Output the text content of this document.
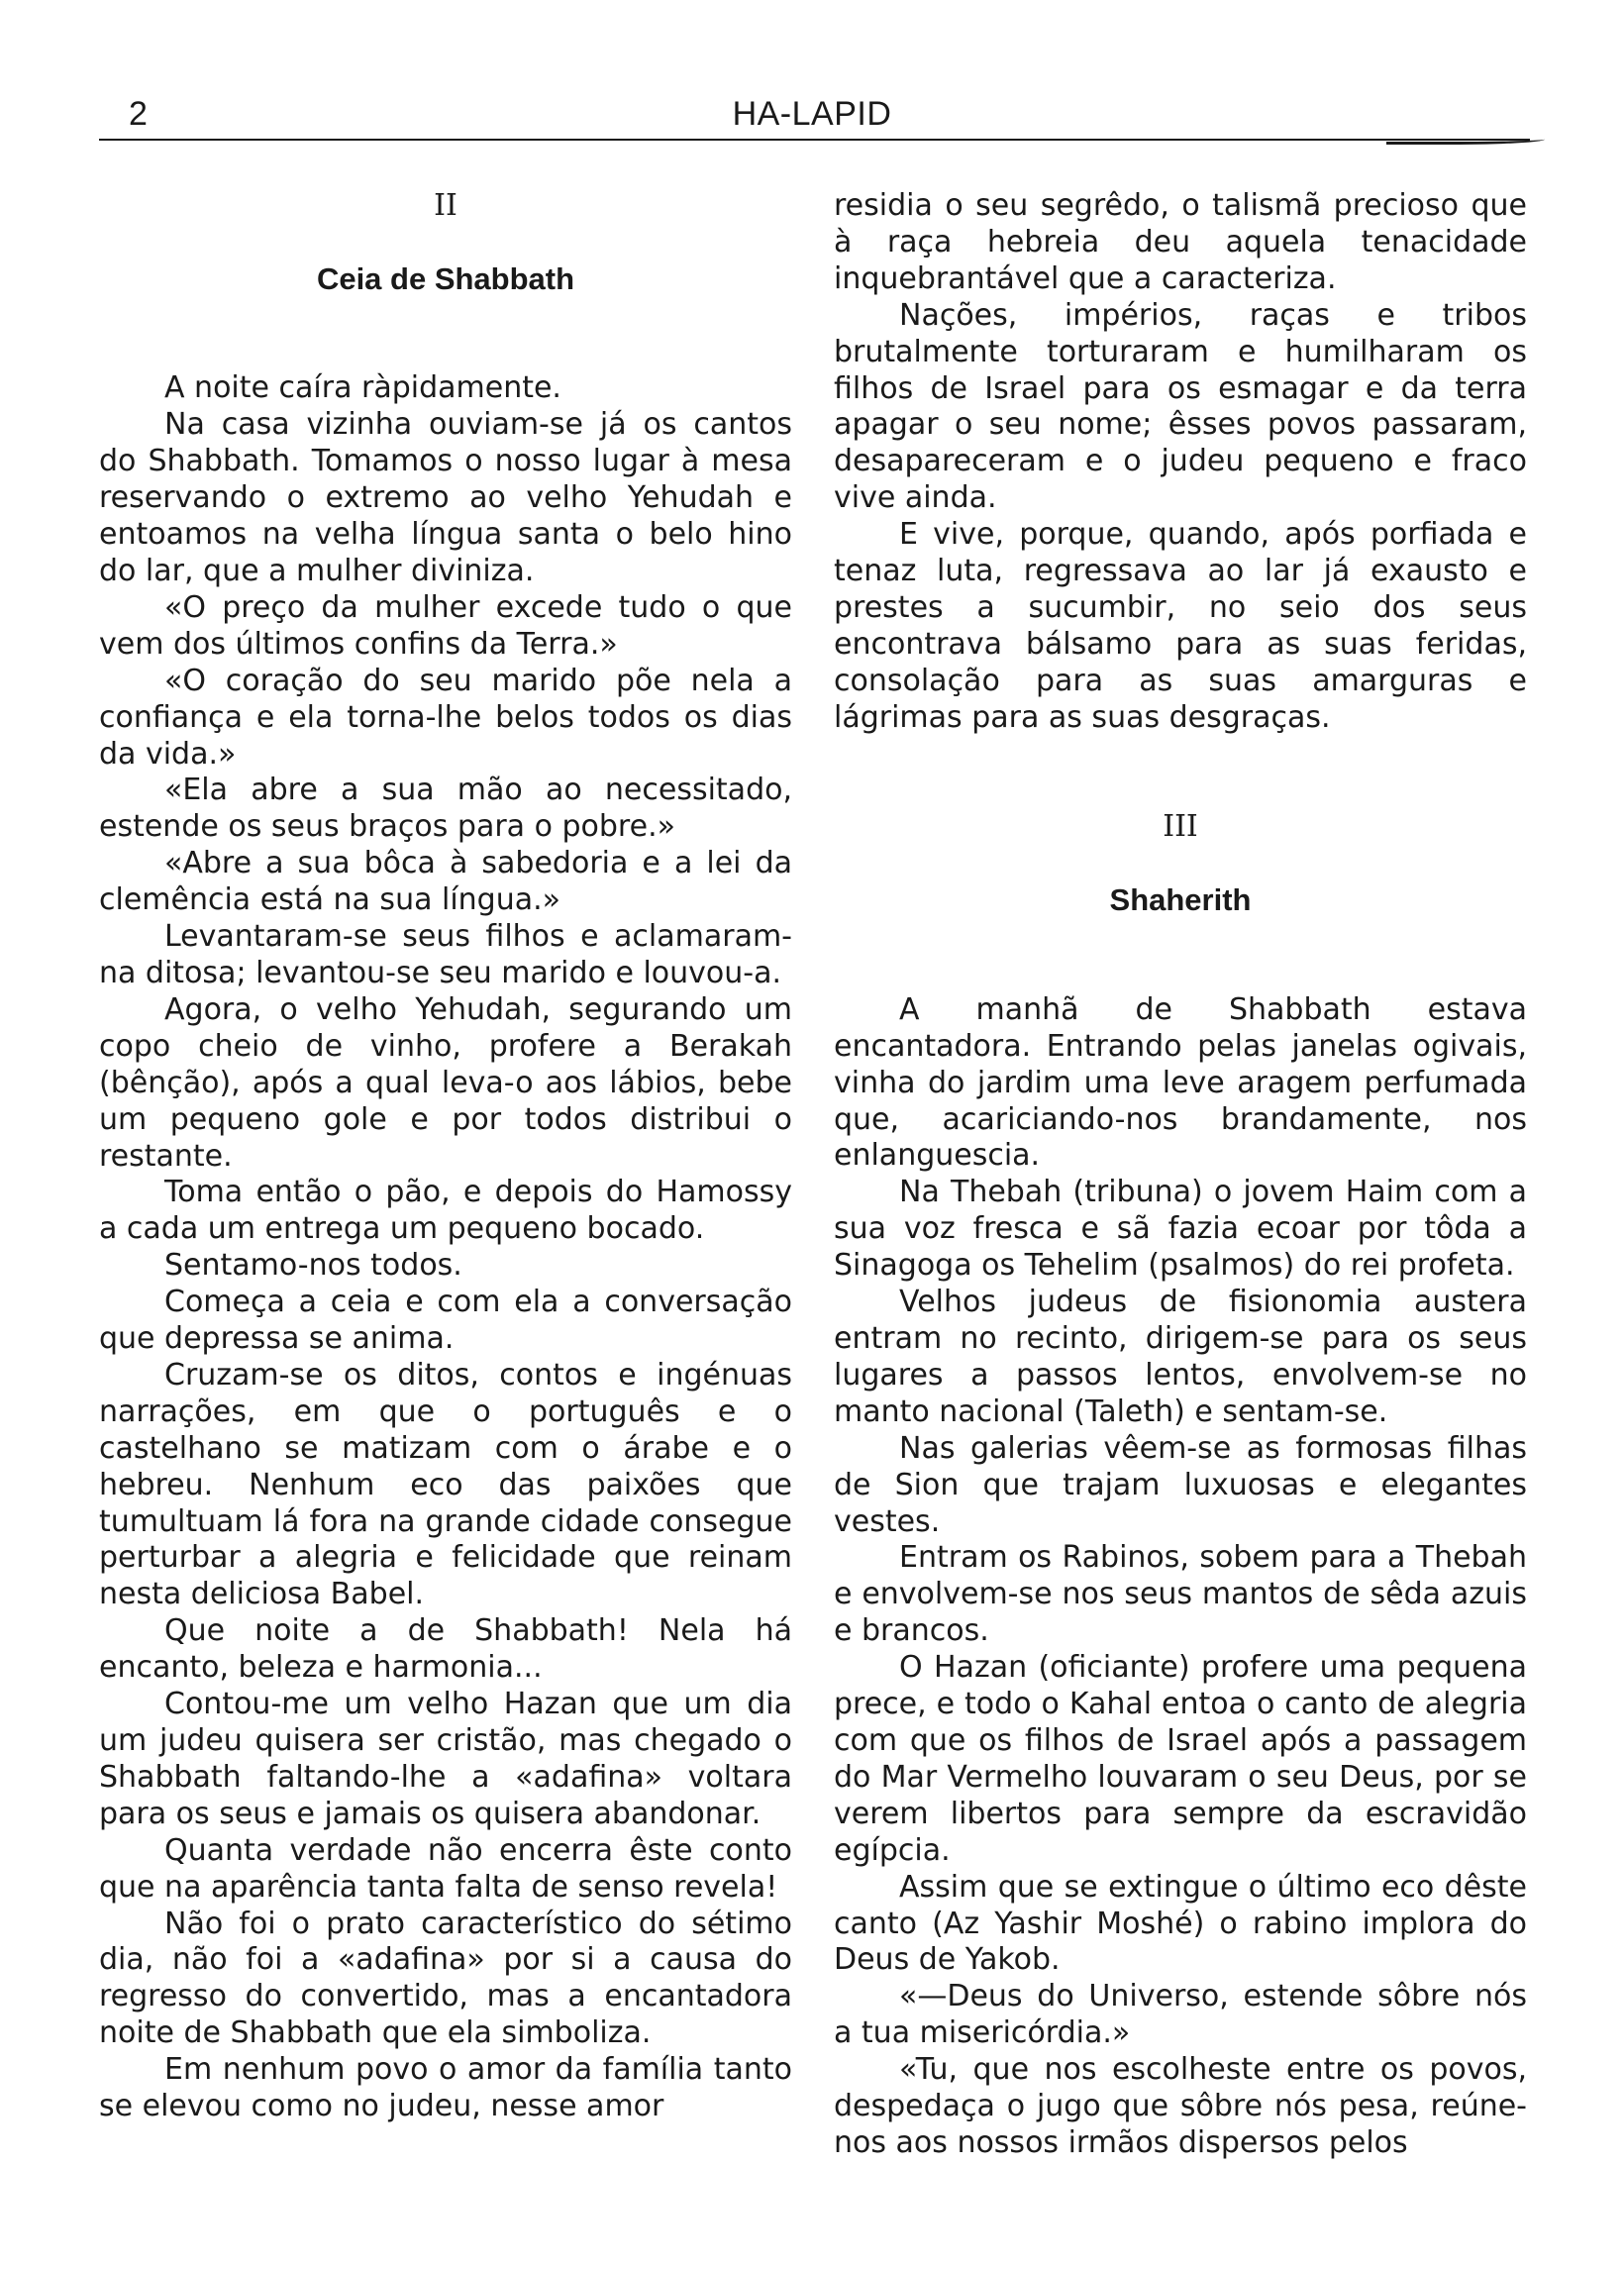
2	HA-LAPID

II

Ceia de Shabbath

A noite caíra ràpidamente.

Na casa vizinha ouviam-se já os cantos do Shabbath. Tomamos o nosso lugar à mesa reservando o extremo ao velho Yehudah e entoamos na velha língua santa o belo hino do lar, que a mulher diviniza.

«O preço da mulher excede tudo o que vem dos últimos confins da Terra.»

«O coração do seu marido põe nela a confiança e ela torna-lhe belos todos os dias da vida.»

«Ela abre a sua mão ao necessitado, estende os seus braços para o pobre.»

«Abre a sua bôca à sabedoria e a lei da clemência está na sua língua.»

Levantaram-se seus filhos e aclamaram-na ditosa; levantou-se seu marido e louvou-a.

Agora, o velho Yehudah, segurando um copo cheio de vinho, profere a Berakah (bênção), após a qual leva-o aos lábios, bebe um pequeno gole e por todos distribui o restante.

Toma então o pão, e depois do Hamossy a cada um entrega um pequeno bocado.

Sentamo-nos todos.

Começa a ceia e com ela a conversação que depressa se anima.

Cruzam-se os ditos, contos e ingénuas narrações, em que o português e o castelhano se matizam com o árabe e o hebreu. Nenhum eco das paixões que tumultuam lá fora na grande cidade consegue perturbar a alegria e felicidade que reinam nesta deliciosa Babel.

Que noite a de Shabbath! Nela há encanto, beleza e harmonia...

Contou-me um velho Hazan que um dia um judeu quisera ser cristão, mas chegado o Shabbath faltando-lhe a «adafina» voltara para os seus e jamais os quisera abandonar.

Quanta verdade não encerra êste conto que na aparência tanta falta de senso revela!

Não foi o prato característico do sétimo dia, não foi a «adafina» por si a causa do regresso do convertido, mas a encantadora noite de Shabbath que ela simboliza.

Em nenhum povo o amor da família tanto se elevou como no judeu, nesse amor

residia o seu segrêdo, o talismã precioso que à raça hebreia deu aquela tenacidade inquebrantável que a caracteriza.

Nações, impérios, raças e tribos brutalmente torturaram e humilharam os filhos de Israel para os esmagar e da terra apagar o seu nome; êsses povos passaram, desapareceram e o judeu pequeno e fraco vive ainda.

E vive, porque, quando, após porfiada e tenaz luta, regressava ao lar já exausto e prestes a sucumbir, no seio dos seus encontrava bálsamo para as suas feridas, consolação para as suas amarguras e lágrimas para as suas desgraças.

III

Shaherith

A manhã de Shabbath estava encantadora. Entrando pelas janelas ogivais, vinha do jardim uma leve aragem perfumada que, acariciando-nos brandamente, nos enlanguescia.

Na Thebah (tribuna) o jovem Haim com a sua voz fresca e sã fazia ecoar por tôda a Sinagoga os Tehelim (psalmos) do rei profeta.

Velhos judeus de fisionomia austera entram no recinto, dirigem-se para os seus lugares a passos lentos, envolvem-se no manto nacional (Taleth) e sentam-se.

Nas galerias vêem-se as formosas filhas de Sion que trajam luxuosas e elegantes vestes.

Entram os Rabinos, sobem para a Thebah e envolvem-se nos seus mantos de sêda azuis e brancos.

O Hazan (oficiante) profere uma pequena prece, e todo o Kahal entoa o canto de alegria com que os filhos de Israel após a passagem do Mar Vermelho louvaram o seu Deus, por se verem libertos para sempre da escravidão egípcia.

Assim que se extingue o último eco dêste canto (Az Yashir Moshé) o rabino implora do Deus de Yakob.

«—Deus do Universo, estende sôbre nós a tua misericórdia.»

«Tu, que nos escolheste entre os povos, despedaça o jugo que sôbre nós pesa, reúne-nos aos nossos irmãos dispersos pelos
